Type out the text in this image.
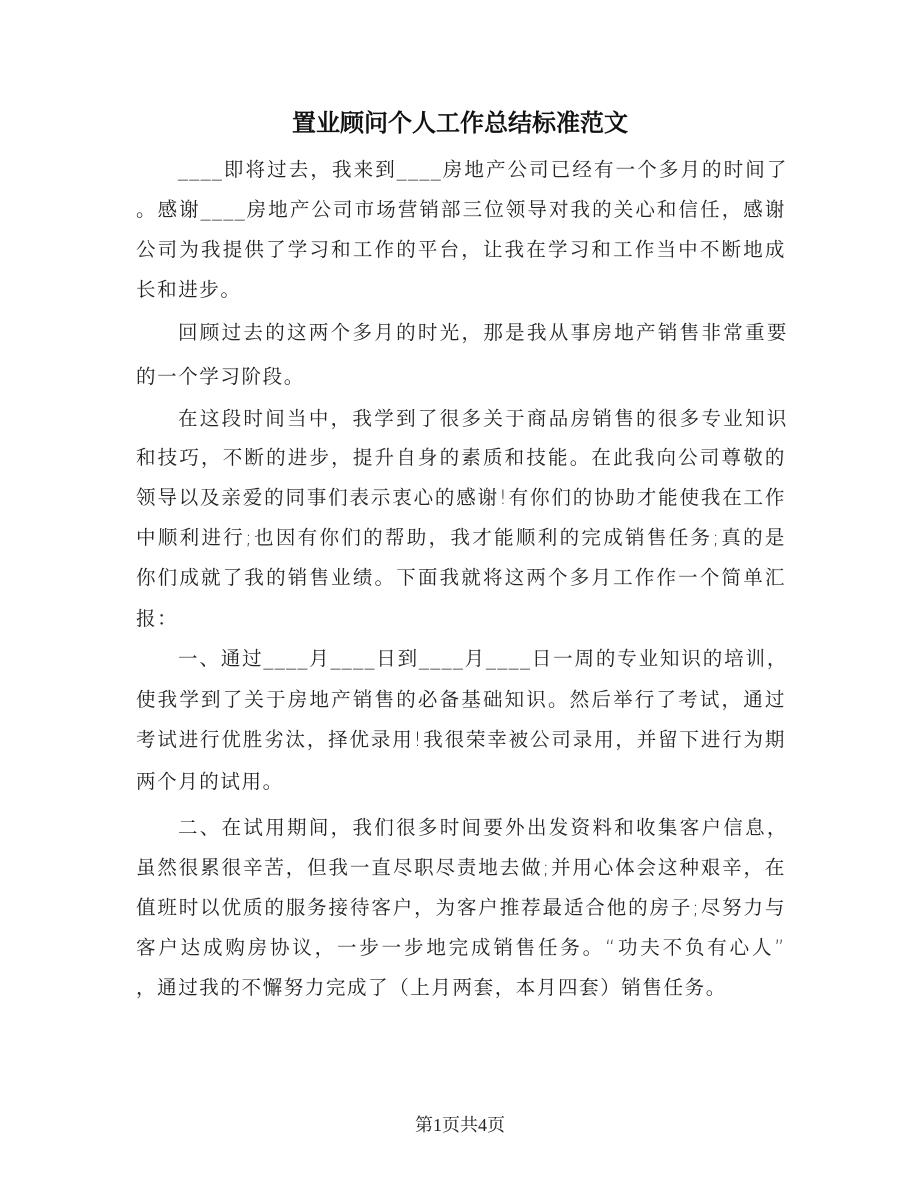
置业顾问个人工作总结标准范文
____即将过去，我来到____房地产公司已经有一个多月的时间了
。感谢____房地产公司市场营销部三位领导对我的关心和信任，感谢
公司为我提供了学习和工作的平台，让我在学习和工作当中不断地成
长和进步。
回顾过去的这两个多月的时光，那是我从事房地产销售非常重要
的一个学习阶段。
在这段时间当中，我学到了很多关于商品房销售的很多专业知识
和技巧，不断的进步，提升自身的素质和技能。在此我向公司尊敬的
领导以及亲爱的同事们表示衷心的感谢!有你们的协助才能使我在工作
中顺利进行;也因有你们的帮助，我才能顺利的完成销售任务;真的是
你们成就了我的销售业绩。下面我就将这两个多月工作作一个简单汇
报：
一、通过____月____日到____月____日一周的专业知识的培训，
使我学到了关于房地产销售的必备基础知识。然后举行了考试，通过
考试进行优胜劣汰，择优录用!我很荣幸被公司录用，并留下进行为期
两个月的试用。
二、在试用期间，我们很多时间要外出发资料和收集客户信息，
虽然很累很辛苦，但我一直尽职尽责地去做;并用心体会这种艰辛，在
值班时以优质的服务接待客户，为客户推荐最适合他的房子;尽努力与
客户达成购房协议，一步一步地完成销售任务。“功夫不负有心人”
，通过我的不懈努力完成了（上月两套，本月四套）销售任务。
第1页共4页
